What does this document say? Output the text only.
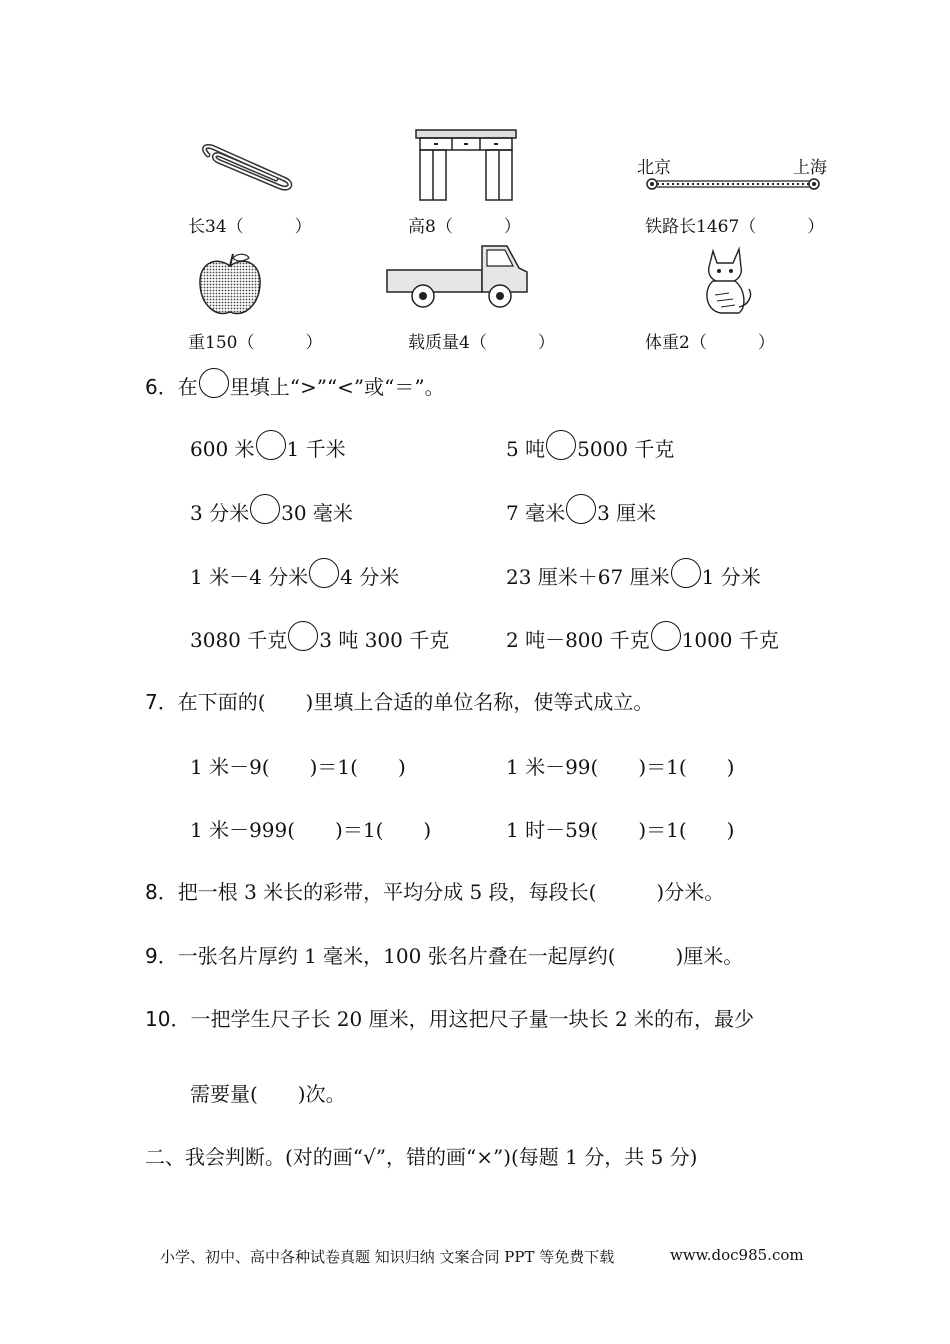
长34（　　　）	高8（　　　）
北京	上海
铁路长1467（　　　）
重150（　　　）	载质量4（　　　）	体重2（　　　）
6．在 里填上“>”“<”或“＝”。
600 米 1 千米	5 吨 5000 千克
3 分米 30 毫米	7 毫米 3 厘米
1 米－4 分米 4 分米	23 厘米＋67 厘米 1 分米
3080 千克 3 吨 300 千克	2 吨－800 千克 1000 千克
7．在下面的(　　)里填上合适的单位名称，使等式成立。
1 米－9(　　)＝1(　　)	1 米－99(　　)＝1(　　)
1 米－999(　　)＝1(　　)	1 时－59(　　)＝1(　　)
8．把一根 3 米长的彩带，平均分成 5 段，每段长(　　　)分米。
9．一张名片厚约 1 毫米，100 张名片叠在一起厚约(　　　)厘米。
10．一把学生尺子长 20 厘米，用这把尺子量一块长 2 米的布，最少
需要量(　　)次。
二、我会判断。(对的画“√”，错的画“×”)(每题 1 分，共 5 分)
小学、初中、高中各种试卷真题 知识归纳 文案合同 PPT 等免费下载	www.doc985.com
